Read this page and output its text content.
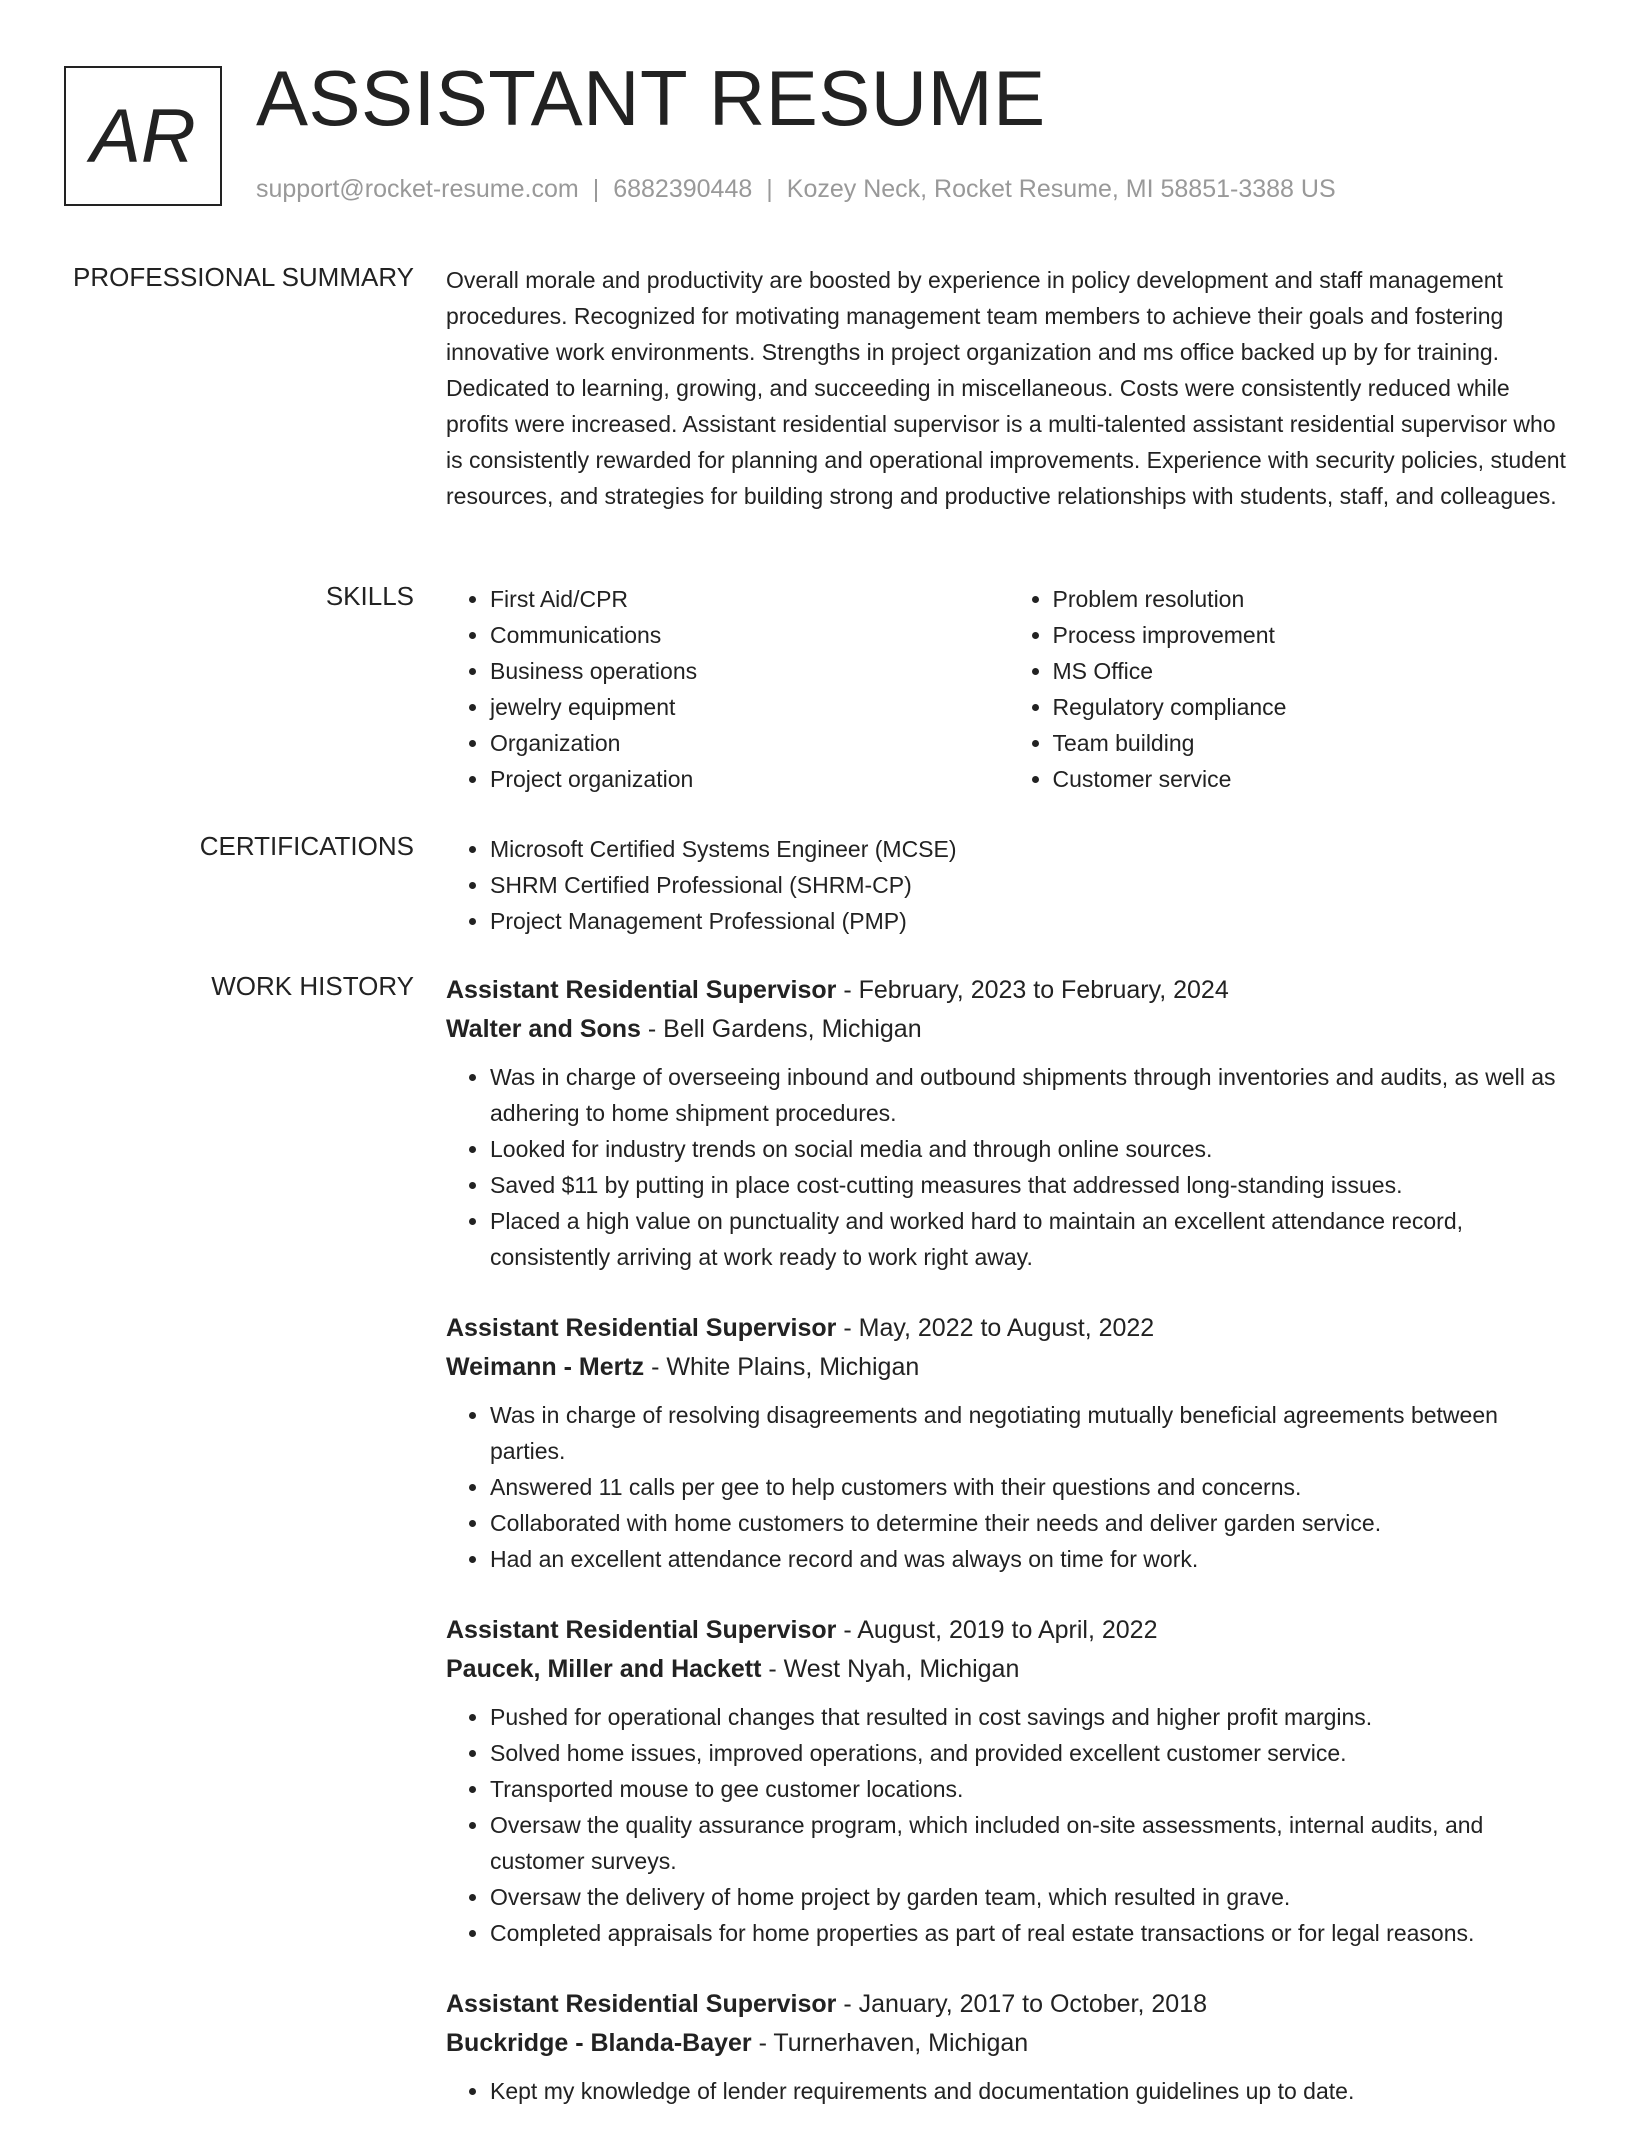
AR ASSISTANT RESUME
support@rocket-resume.com | 6882390448 | Kozey Neck, Rocket Resume, MI 58851-3388 US
PROFESSIONAL SUMMARY Overall morale and productivity are boosted by experience in policy development and staff management procedures. Recognized for motivating management team members to achieve their goals and fostering innovative work environments. Strengths in project organization and ms office backed up by for training. Dedicated to learning, growing, and succeeding in miscellaneous. Costs were consistently reduced while profits were increased. Assistant residential supervisor is a multi-talented assistant residential supervisor who is consistently rewarded for planning and operational improvements. Experience with security policies, student resources, and strategies for building strong and productive relationships with students, staff, and colleagues.
SKILLS	• First Aid/CPR
• Communications
• Business operations
• jewelry equipment
• Organization
• Project organization
• Problem resolution
• Process improvement
• MS Office
• Regulatory compliance
• Team building
• Customer service
CERTIFICATIONS	• Microsoft Certified Systems Engineer (MCSE)
• SHRM Certified Professional (SHRM-CP)
• Project Management Professional (PMP)
WORK HISTORY Assistant Residential Supervisor - February, 2023 to February, 2024
Walter and Sons - Bell Gardens, Michigan
• Was in charge of overseeing inbound and outbound shipments through inventories and audits, as well as adhering to home shipment procedures.
• Looked for industry trends on social media and through online sources.
• Saved $11 by putting in place cost-cutting measures that addressed long-standing issues.
• Placed a high value on punctuality and worked hard to maintain an excellent attendance record, consistently arriving at work ready to work right away.
Assistant Residential Supervisor - May, 2022 to August, 2022
Weimann - Mertz - White Plains, Michigan
• Was in charge of resolving disagreements and negotiating mutually beneficial agreements between parties.
• Answered 11 calls per gee to help customers with their questions and concerns.
• Collaborated with home customers to determine their needs and deliver garden service.
• Had an excellent attendance record and was always on time for work.
Assistant Residential Supervisor - August, 2019 to April, 2022
Paucek, Miller and Hackett - West Nyah, Michigan
• Pushed for operational changes that resulted in cost savings and higher profit margins.
• Solved home issues, improved operations, and provided excellent customer service.
• Transported mouse to gee customer locations.
• Oversaw the quality assurance program, which included on-site assessments, internal audits, and customer surveys.
• Oversaw the delivery of home project by garden team, which resulted in grave.
• Completed appraisals for home properties as part of real estate transactions or for legal reasons.
Assistant Residential Supervisor - January, 2017 to October, 2018
Buckridge - Blanda-Bayer - Turnerhaven, Michigan
• Kept my knowledge of lender requirements and documentation guidelines up to date.
